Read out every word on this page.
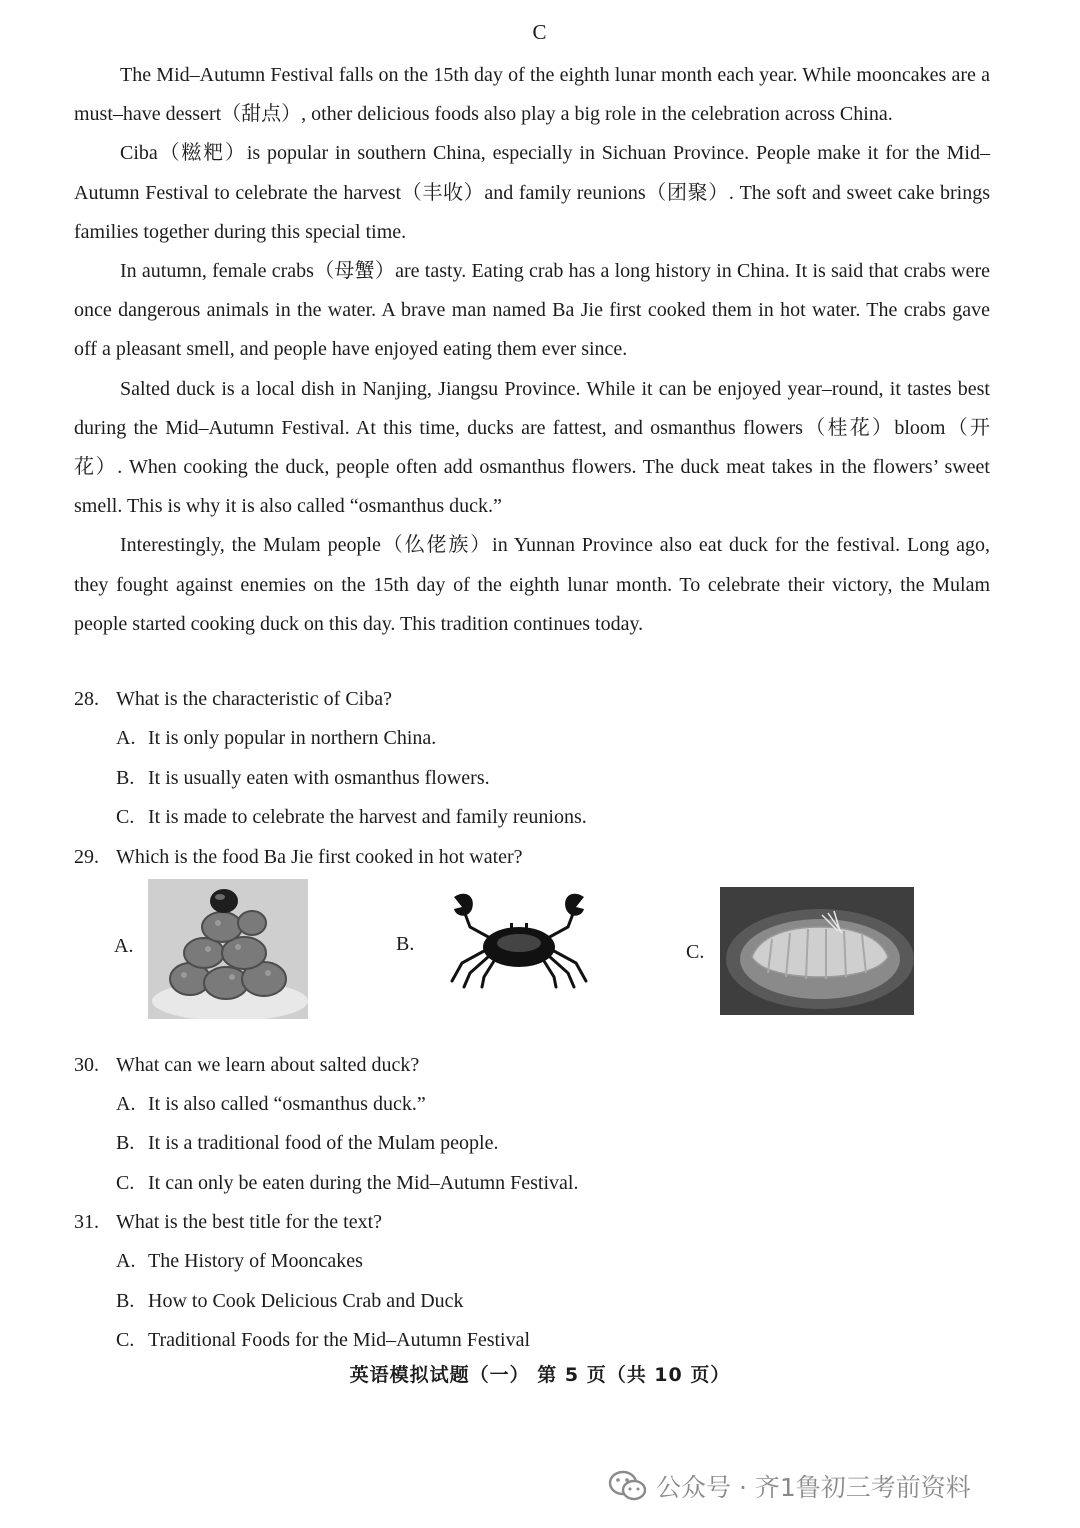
C

The Mid–Autumn Festival falls on the 15th day of the eighth lunar month each year. While mooncakes are a must–have dessert（甜点）, other delicious foods also play a big role in the celebration across China.

Ciba（糍粑）is popular in southern China, especially in Sichuan Province. People make it for the Mid–Autumn Festival to celebrate the harvest（丰收）and family reunions（团聚）. The soft and sweet cake brings families together during this special time.

In autumn, female crabs（母蟹）are tasty. Eating crab has a long history in China. It is said that crabs were once dangerous animals in the water. A brave man named Ba Jie first cooked them in hot water. The crabs gave off a pleasant smell, and people have enjoyed eating them ever since.

Salted duck is a local dish in Nanjing, Jiangsu Province. While it can be enjoyed year–round, it tastes best during the Mid–Autumn Festival. At this time, ducks are fattest, and osmanthus flowers（桂花）bloom（开花）. When cooking the duck, people often add osmanthus flowers. The duck meat takes in the flowers’ sweet smell. This is why it is also called “osmanthus duck.”

Interestingly, the Mulam people（仫佬族）in Yunnan Province also eat duck for the festival. Long ago, they fought against enemies on the 15th day of the eighth lunar month. To celebrate their victory, the Mulam people started cooking duck on this day. This tradition continues today.

28. What is the characteristic of Ciba?
A. It is only popular in northern China.
B. It is usually eaten with osmanthus flowers.
C. It is made to celebrate the harvest and family reunions.
29. Which is the food Ba Jie first cooked in hot water?
A.	B.	C.
30. What can we learn about salted duck?
A. It is also called “osmanthus duck.”
B. It is a traditional food of the Mulam people.
C. It can only be eaten during the Mid–Autumn Festival.
31. What is the best title for the text?
A. The History of Mooncakes
B. How to Cook Delicious Crab and Duck
C. Traditional Foods for the Mid–Autumn Festival
英语模拟试题（一） 第 5 页（共 10 页）
公众号 · 齐1鲁初三考前资料
